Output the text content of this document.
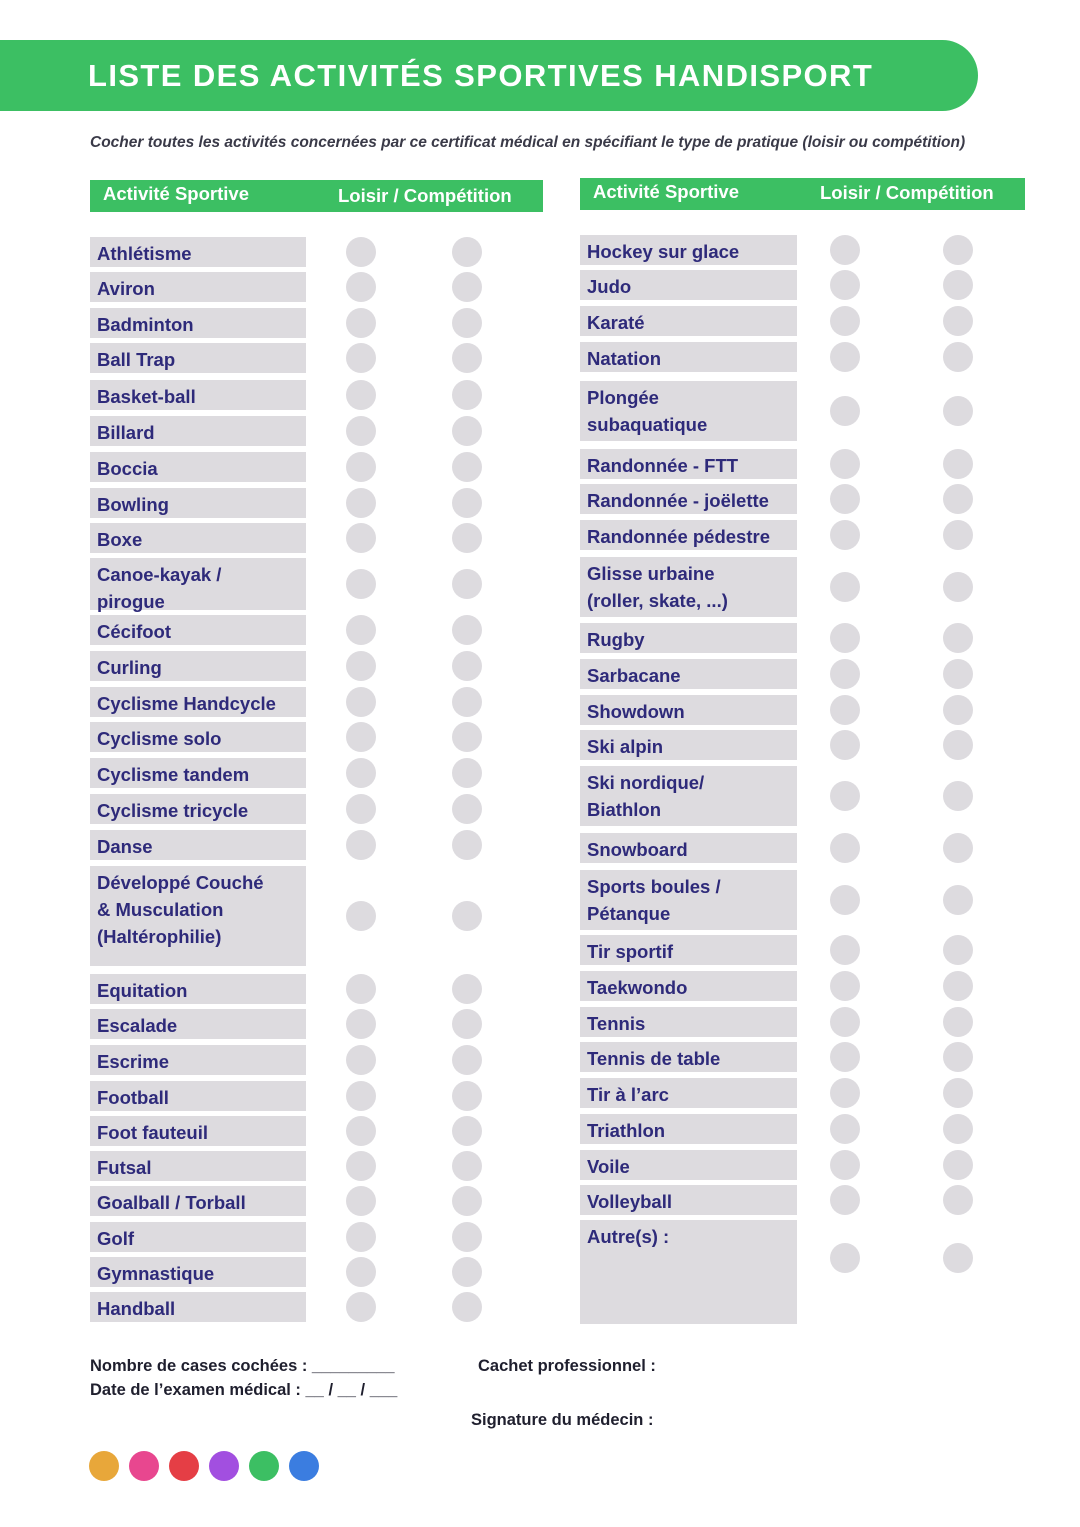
LISTE DES ACTIVITÉS SPORTIVES HANDISPORT
Cocher toutes les activités concernées par ce certificat médical en spécifiant le type de pratique (loisir ou compétition)
Activité Sportive	Loisir / Compétition	Activité Sportive	Loisir / Compétition
Athlétisme
Aviron
Badminton
Ball Trap
Basket-ball
Billard
Boccia
Bowling
Boxe
Canoe-kayak /
pirogue
Cécifoot
Curling
Cyclisme Handcycle
Cyclisme solo
Cyclisme tandem
Cyclisme tricycle
Danse
Développé Couché
& Musculation
(Haltérophilie)
Equitation
Escalade
Escrime
Football
Foot fauteuil
Futsal
Goalball / Torball
Golf
Gymnastique
Handball
Hockey sur glace
Judo
Karaté
Natation
Plongée
subaquatique
Randonnée - FTT
Randonnée - joëlette
Randonnée pédestre
Glisse urbaine
(roller, skate, ...)
Rugby
Sarbacane
Showdown
Ski alpin
Ski nordique/
Biathlon
Snowboard
Sports boules /
Pétanque
Tir sportif
Taekwondo
Tennis
Tennis de table
Tir à l’arc
Triathlon
Voile
Volleyball
Autre(s) :
Nombre de cases cochées : _________
Date de l’examen médical : __ / __ / ___
Cachet professionnel :
Signature du médecin :
